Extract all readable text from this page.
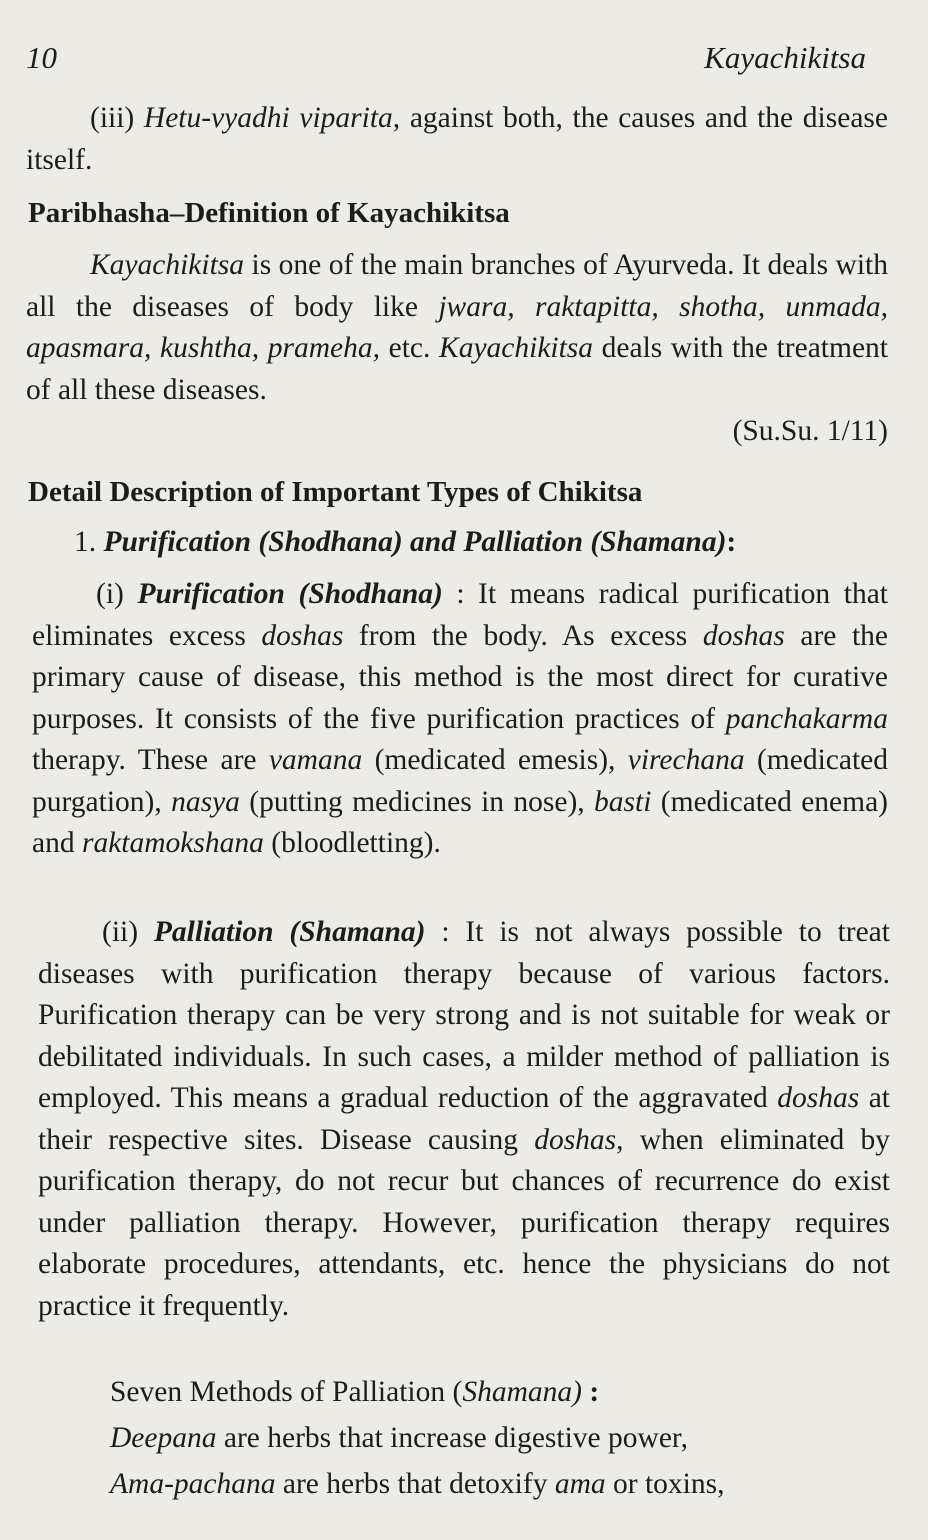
10	Kayachikitsa
(iii) Hetu-vyadhi viparita, against both, the causes and the disease itself.
Paribhasha–Definition of Kayachikitsa
Kayachikitsa is one of the main branches of Ayurveda. It deals with all the diseases of body like jwara, raktapitta, shotha, unmada, apasmara, kushtha, prameha, etc. Kayachikitsa deals with the treatment of all these diseases.
(Su.Su. 1/11)
Detail Description of Important Types of Chikitsa
1. Purification (Shodhana) and Palliation (Shamana):
(i) Purification (Shodhana) : It means radical purification that eliminates excess doshas from the body. As excess doshas are the primary cause of disease, this method is the most direct for curative purposes. It consists of the five purification practices of panchakarma therapy. These are vamana (medicated emesis), virechana (medicated purgation), nasya (putting medicines in nose), basti (medicated enema) and raktamokshana (bloodletting).
(ii) Palliation (Shamana) : It is not always possible to treat diseases with purification therapy because of various factors. Purification therapy can be very strong and is not suitable for weak or debilitated individuals. In such cases, a milder method of palliation is employed. This means a gradual reduction of the aggravated doshas at their respective sites. Disease causing doshas, when eliminated by purification therapy, do not recur but chances of recurrence do exist under palliation therapy. However, purification therapy requires elaborate procedures, attendants, etc. hence the physicians do not practice it frequently.
Seven Methods of Palliation (Shamana) :
Deepana are herbs that increase digestive power,
Ama-pachana are herbs that detoxify ama or toxins,
